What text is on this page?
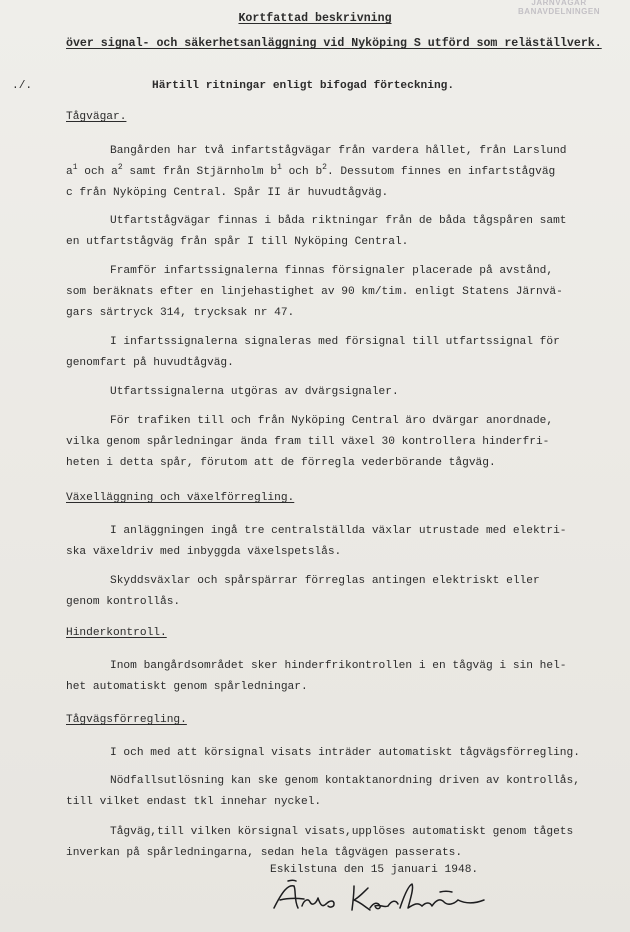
JÄRNVÄGAR
BANAVDELNINGEN
Kortfattad beskrivning
över signal- och säkerhetsanläggning vid Nyköping S utförd som reläställverk.
./.	Härtill ritningar enligt bifogad förteckning.
Tågvägar.
Bangården har två infartstågvägar från vardera hållet, från Larslund
$a^1$ och $a^2$ samt från Stjärnholm $b^1$ och $b^2$. Dessutom finnes en infartstågväg
c från Nyköping Central. Spår II är huvudtågväg.
Utfartstågvägar finnas i båda riktningar från de båda tågspåren samt
en utfartstågväg från spår I till Nyköping Central.
Framför infartssignalerna finnas försignaler placerade på avstånd,
som beräknats efter en linjehastighet av 90 km/tim. enligt Statens Järnvä-
gars särtryck 314, trycksak nr 47.
I infartssignalerna signaleras med försignal till utfartssignal för
genomfart på huvudtågväg.
Utfartssignalerna utgöras av dvärgsignaler.
För trafiken till och från Nyköping Central äro dvärgar anordnade,
vilka genom spårledningar ända fram till växel 30 kontrollera hinderfri-
heten i detta spår, förutom att de förregla vederbörande tågväg.
Växelläggning och växelförregling.
I anläggningen ingå tre centralställda växlar utrustade med elektri-
ska växeldriv med inbyggda växelspetslås.
Skyddsväxlar och spårspärrar förreglas antingen elektriskt eller
genom kontrollås.
Hinderkontroll.
Inom bangårdsområdet sker hinderfrikontrollen i en tågväg i sin hel-
het automatiskt genom spårledningar.
Tågvägsförregling.
I och med att körsignal visats inträder automatiskt tågvägsförregling.
Nödfallsutlösning kan ske genom kontaktanordning driven av kontrollås,
till vilket endast tkl innehar nyckel.
Tågväg,till vilken körsignal visats,upplöses automatiskt genom tågets
inverkan på spårledningarna, sedan hela tågvägen passerats.
Eskilstuna den 15 januari 1948.
Åke Karlström
